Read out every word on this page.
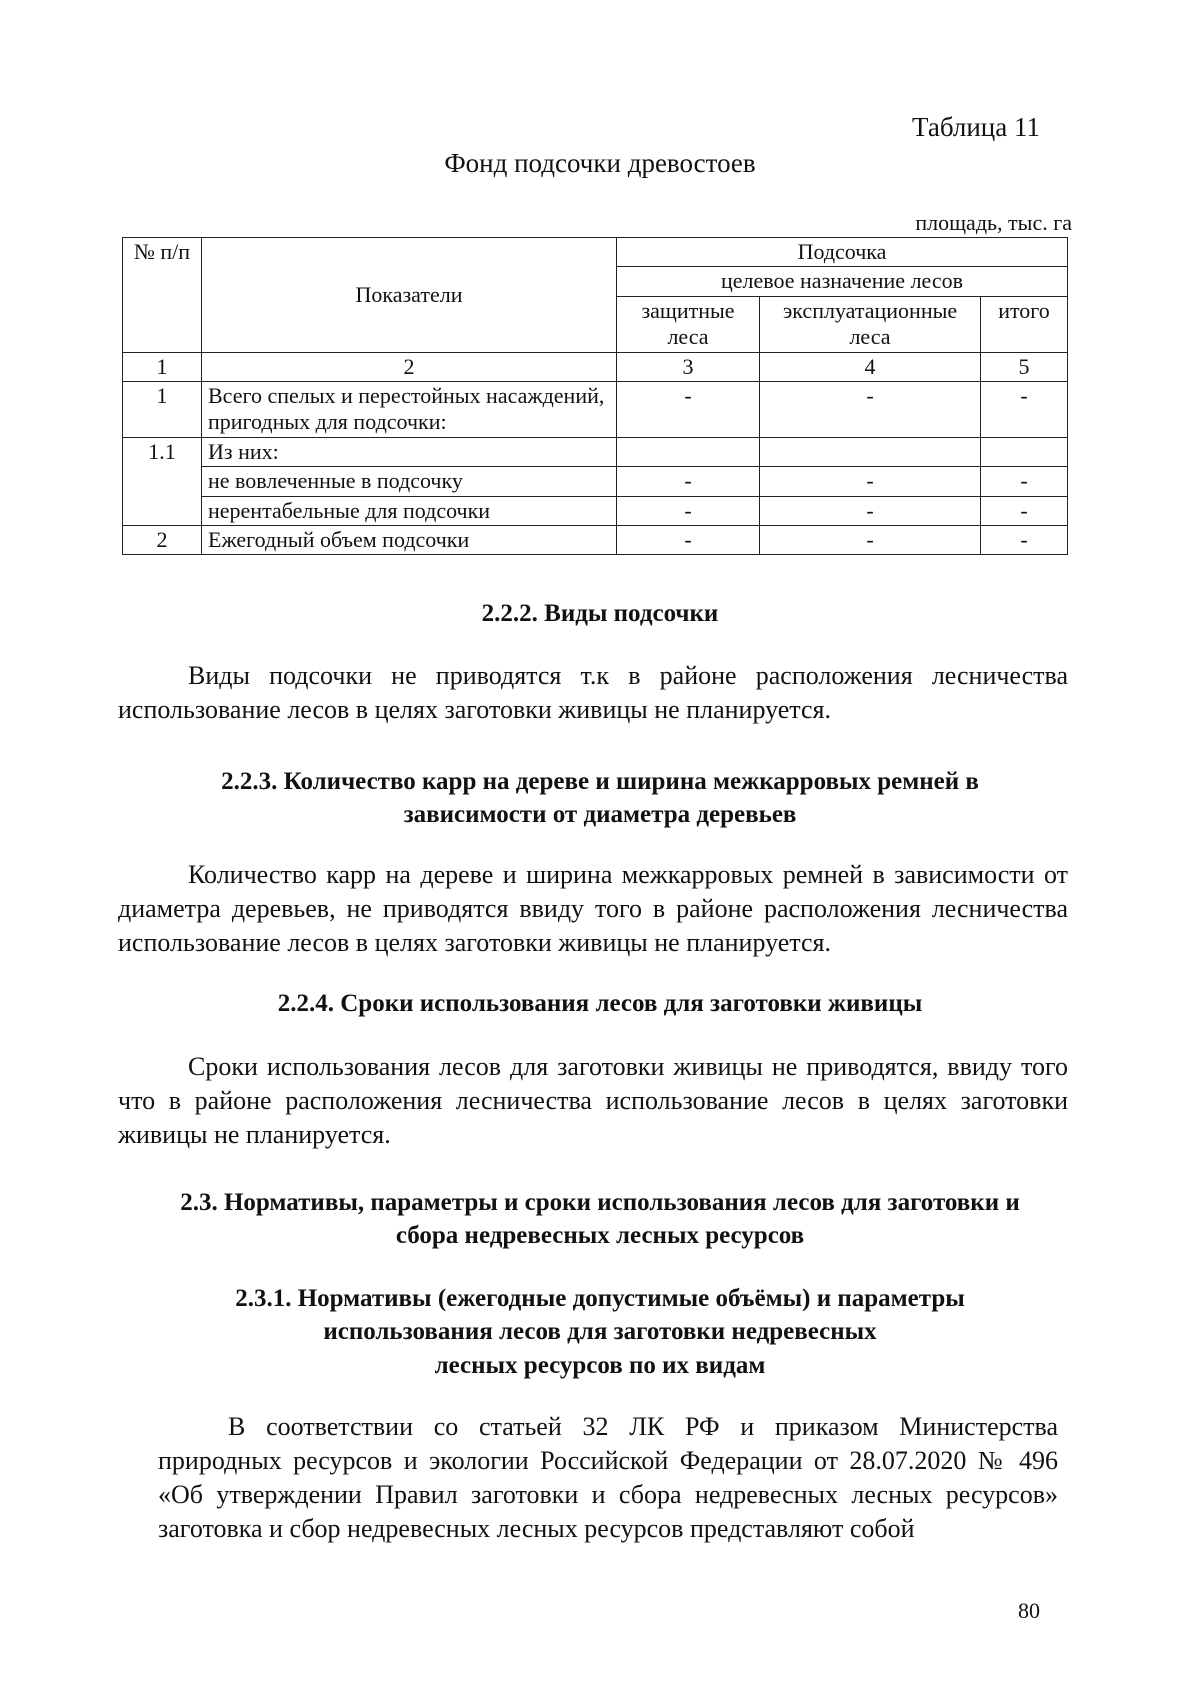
Таблица 11
Фонд подсочки древостоев
площадь, тыс. га
№ п/п	Показатели	Подсочка		
		целевое назначение лесов		
		защитные леса	эксплуатационные леса	итого
1	2	3	4	5
1	Всего спелых и перестойных насаждений, пригодных для подсочки:	-	-	-
1.1	Из них:			
	не вовлеченные в подсочку	-	-	-
	нерентабельные для подсочки	-	-	-
2	Ежегодный объем подсочки	-	-	-
2.2.2. Виды подсочки

Виды подсочки не приводятся т.к в районе расположения лесничества использование лесов в целях заготовки живицы не планируется.

2.2.3. Количество карр на дереве и ширина межкарровых ремней в
зависимости от диаметра деревьев

Количество карр на дереве и ширина межкарровых ремней в зависимости от диаметра деревьев, не приводятся ввиду того в районе расположения лесничества использование лесов в целях заготовки живицы не планируется.

2.2.4. Сроки использования лесов для заготовки живицы

Сроки использования лесов для заготовки живицы не приводятся, ввиду того что в районе расположения лесничества использование лесов в целях заготовки живицы не планируется.

2.3. Нормативы, параметры и сроки использования лесов для заготовки и
сбора недревесных лесных ресурсов
2.3.1. Нормативы (ежегодные допустимые объёмы) и параметры
использования лесов для заготовки недревесных
лесных ресурсов по их видам

В соответствии со статьей 32 ЛК РФ и приказом Министерства природных ресурсов и экологии Российской Федерации от 28.07.2020 № 496 «Об утверждении Правил заготовки и сбора недревесных лесных ресурсов» заготовка и сбор недревесных лесных ресурсов представляют собой

80
